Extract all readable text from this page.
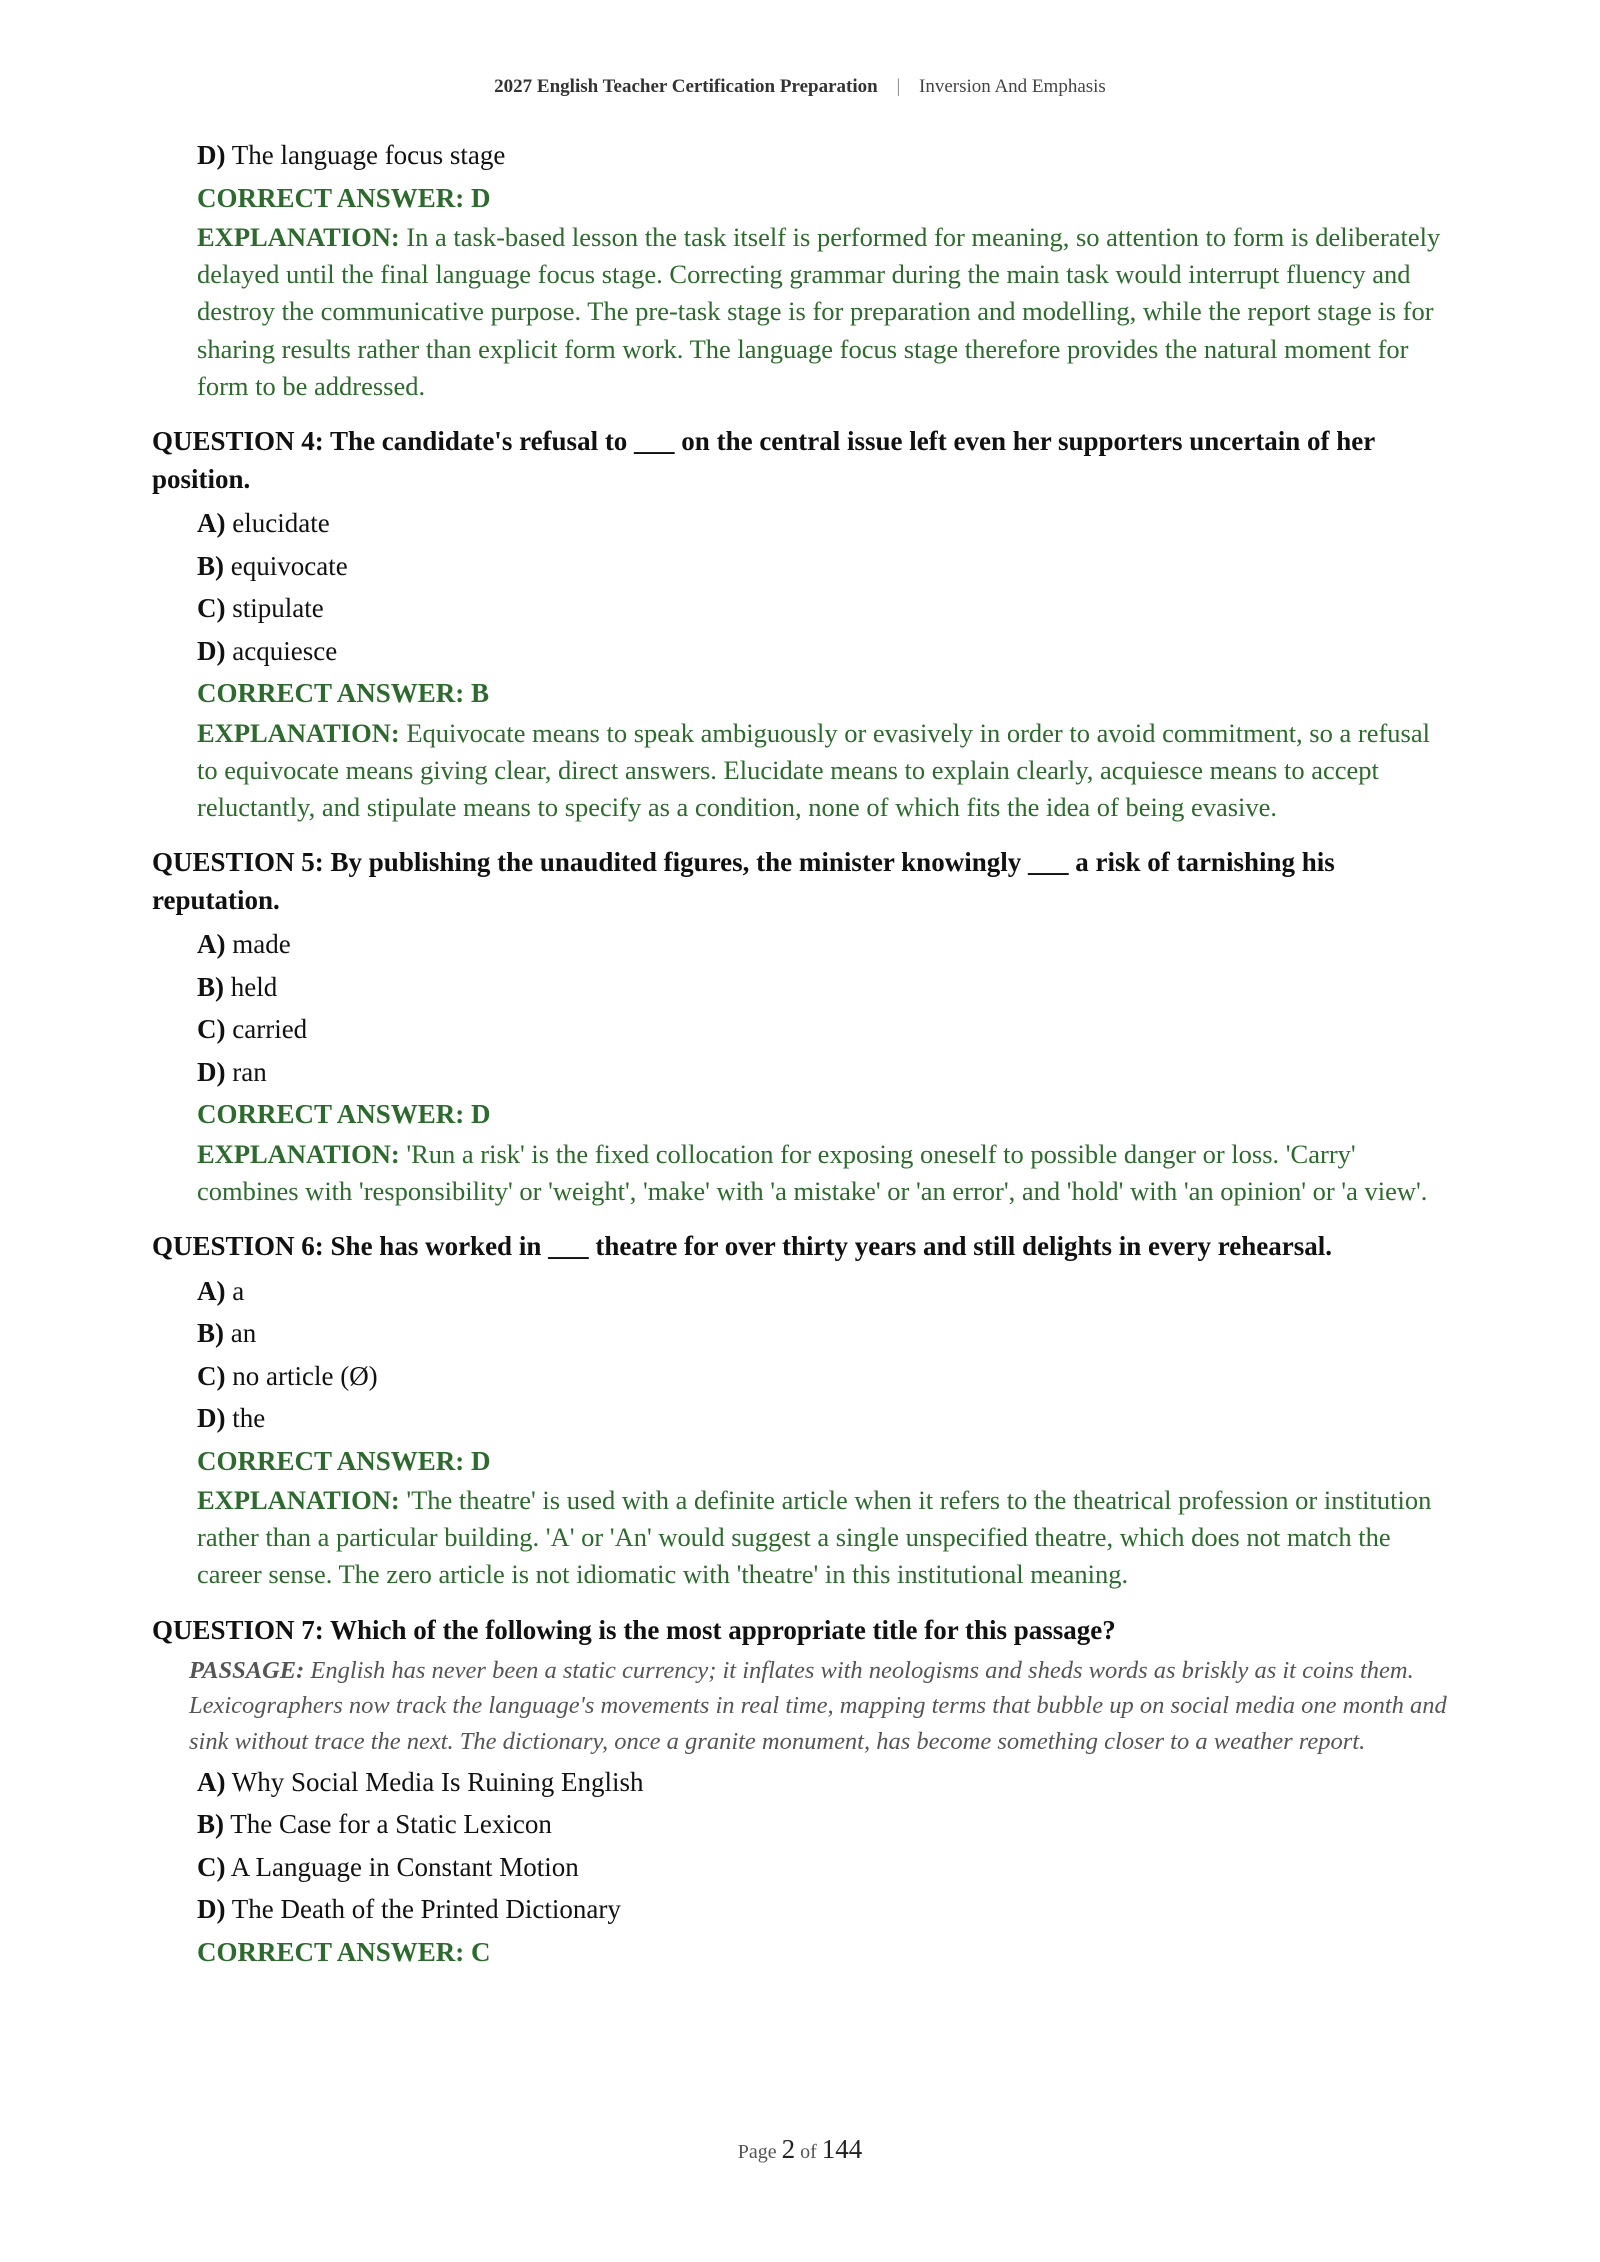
2027 English Teacher Certification Preparation | Inversion And Emphasis
D) The language focus stage
CORRECT ANSWER: D
EXPLANATION: In a task-based lesson the task itself is performed for meaning, so attention to form is deliberately delayed until the final language focus stage. Correcting grammar during the main task would interrupt fluency and destroy the communicative purpose. The pre-task stage is for preparation and modelling, while the report stage is for sharing results rather than explicit form work. The language focus stage therefore provides the natural moment for form to be addressed.
QUESTION 4: The candidate's refusal to ___ on the central issue left even her supporters uncertain of her position.
A) elucidate
B) equivocate
C) stipulate
D) acquiesce
CORRECT ANSWER: B
EXPLANATION: Equivocate means to speak ambiguously or evasively in order to avoid commitment, so a refusal to equivocate means giving clear, direct answers. Elucidate means to explain clearly, acquiesce means to accept reluctantly, and stipulate means to specify as a condition, none of which fits the idea of being evasive.
QUESTION 5: By publishing the unaudited figures, the minister knowingly ___ a risk of tarnishing his reputation.
A) made
B) held
C) carried
D) ran
CORRECT ANSWER: D
EXPLANATION: 'Run a risk' is the fixed collocation for exposing oneself to possible danger or loss. 'Carry' combines with 'responsibility' or 'weight', 'make' with 'a mistake' or 'an error', and 'hold' with 'an opinion' or 'a view'.
QUESTION 6: She has worked in ___ theatre for over thirty years and still delights in every rehearsal.
A) a
B) an
C) no article (Ø)
D) the
CORRECT ANSWER: D
EXPLANATION: 'The theatre' is used with a definite article when it refers to the theatrical profession or institution rather than a particular building. 'A' or 'An' would suggest a single unspecified theatre, which does not match the career sense. The zero article is not idiomatic with 'theatre' in this institutional meaning.
QUESTION 7: Which of the following is the most appropriate title for this passage?
PASSAGE: English has never been a static currency; it inflates with neologisms and sheds words as briskly as it coins them. Lexicographers now track the language's movements in real time, mapping terms that bubble up on social media one month and sink without trace the next. The dictionary, once a granite monument, has become something closer to a weather report.
A) Why Social Media Is Ruining English
B) The Case for a Static Lexicon
C) A Language in Constant Motion
D) The Death of the Printed Dictionary
CORRECT ANSWER: C
Page 2 of 144
